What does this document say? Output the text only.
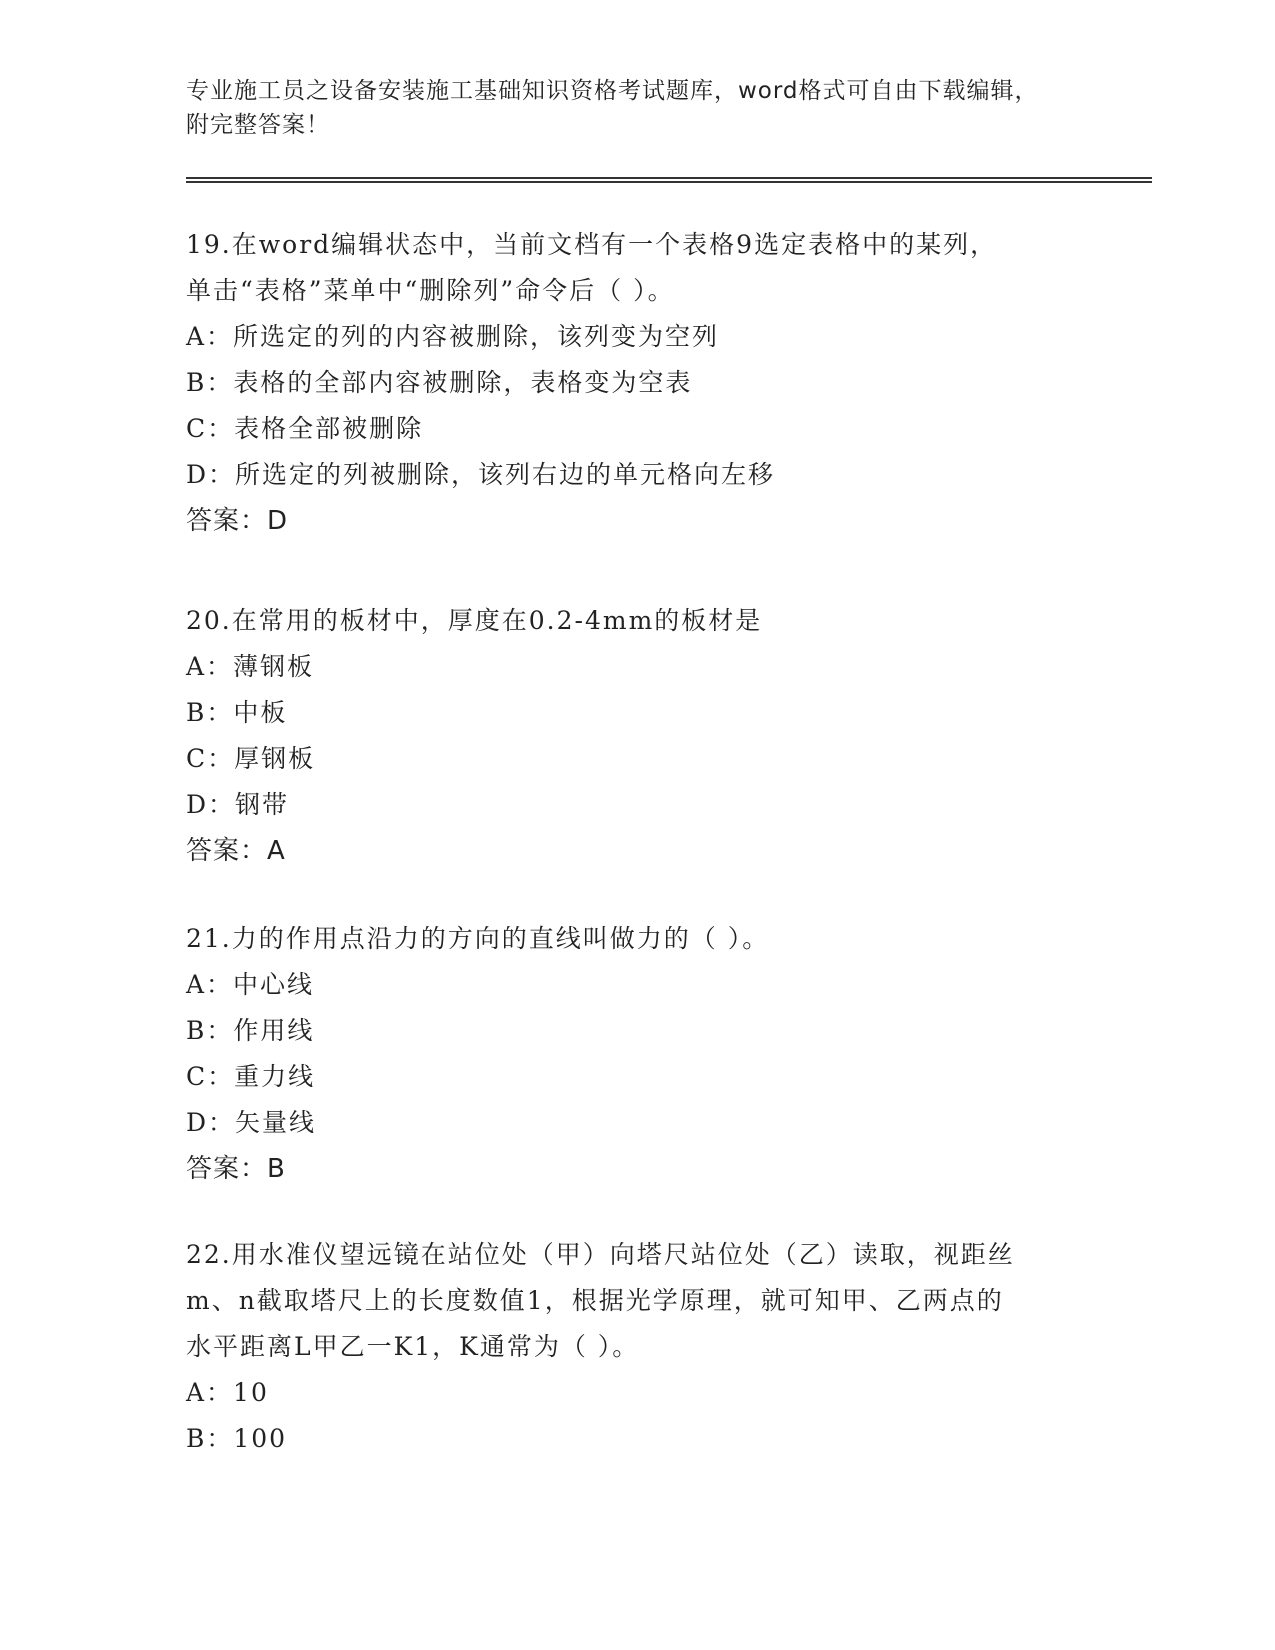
专业施工员之设备安装施工基础知识资格考试题库，word格式可自由下载编辑，
附完整答案！
19.在word编辑状态中，当前文档有一个表格9选定表格中的某列，
单击“表格”菜单中“删除列”命令后（ ）。
A：所选定的列的内容被删除，该列变为空列
B：表格的全部内容被删除，表格变为空表
C：表格全部被删除
D：所选定的列被删除，该列右边的单元格向左移
答案：D
20.在常用的板材中，厚度在0.2-4mm的板材是
A：薄钢板
B：中板
C：厚钢板
D：钢带
答案：A
21.力的作用点沿力的方向的直线叫做力的（ ）。
A：中心线
B：作用线
C：重力线
D：矢量线
答案：B
22.用水准仪望远镜在站位处（甲）向塔尺站位处（乙）读取，视距丝
m、n截取塔尺上的长度数值1，根据光学原理，就可知甲、乙两点的
水平距离L甲乙一K1，K通常为（ ）。
A：10
B：100
